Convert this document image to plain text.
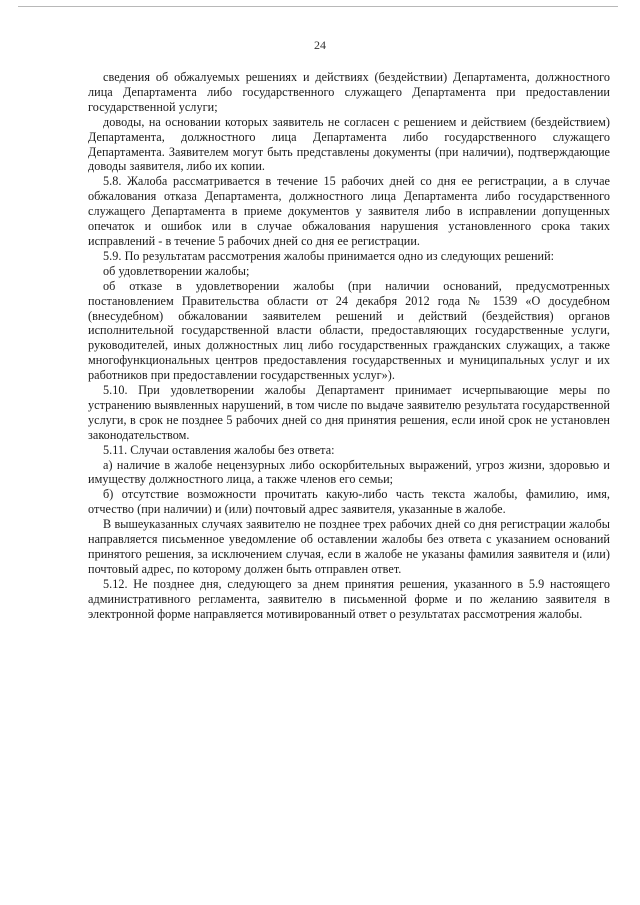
24

сведения об обжалуемых решениях и действиях (бездействии) Департамента, должностного лица Департамента либо государственного служащего Департамента при предоставлении государственной услуги;

доводы, на основании которых заявитель не согласен с решением и действием (бездействием) Департамента, должностного лица Департамента либо государственного служащего Департамента. Заявителем могут быть представлены документы (при наличии), подтверждающие доводы заявителя, либо их копии.

5.8. Жалоба рассматривается в течение 15 рабочих дней со дня ее регистрации, а в случае обжалования отказа Департамента, должностного лица Департамента либо государственного служащего Департамента в приеме документов у заявителя либо в исправлении допущенных опечаток и ошибок или в случае обжалования нарушения установленного срока таких исправлений - в течение 5 рабочих дней со дня ее регистрации.

5.9. По результатам рассмотрения жалобы принимается одно из следующих решений:

об удовлетворении жалобы;

об отказе в удовлетворении жалобы (при наличии оснований, предусмотренных постановлением Правительства области от 24 декабря 2012 года № 1539 «О досудебном (внесудебном) обжаловании заявителем решений и действий (бездействия) органов исполнительной государственной власти области, предоставляющих государственные услуги, руководителей, иных должностных лиц либо государственных гражданских служащих, а также многофункциональных центров предоставления государственных и муниципальных услуг и их работников при предоставлении государственных услуг»).

5.10. При удовлетворении жалобы Департамент принимает исчерпывающие меры по устранению выявленных нарушений, в том числе по выдаче заявителю результата государственной услуги, в срок не позднее 5 рабочих дней со дня принятия решения, если иной срок не установлен законодательством.

5.11. Случаи оставления жалобы без ответа:

а) наличие в жалобе нецензурных либо оскорбительных выражений, угроз жизни, здоровью и имуществу должностного лица, а также членов его семьи;

б) отсутствие возможности прочитать какую-либо часть текста жалобы, фамилию, имя, отчество (при наличии) и (или) почтовый адрес заявителя, указанные в жалобе.

В вышеуказанных случаях заявителю не позднее трех рабочих дней со дня регистрации жалобы направляется письменное уведомление об оставлении жалобы без ответа с указанием оснований принятого решения, за исключением случая, если в жалобе не указаны фамилия заявителя и (или) почтовый адрес, по которому должен быть отправлен ответ.

5.12. Не позднее дня, следующего за днем принятия решения, указанного в 5.9 настоящего административного регламента, заявителю в письменной форме и по желанию заявителя в электронной форме направляется мотивированный ответ о результатах рассмотрения жалобы.
